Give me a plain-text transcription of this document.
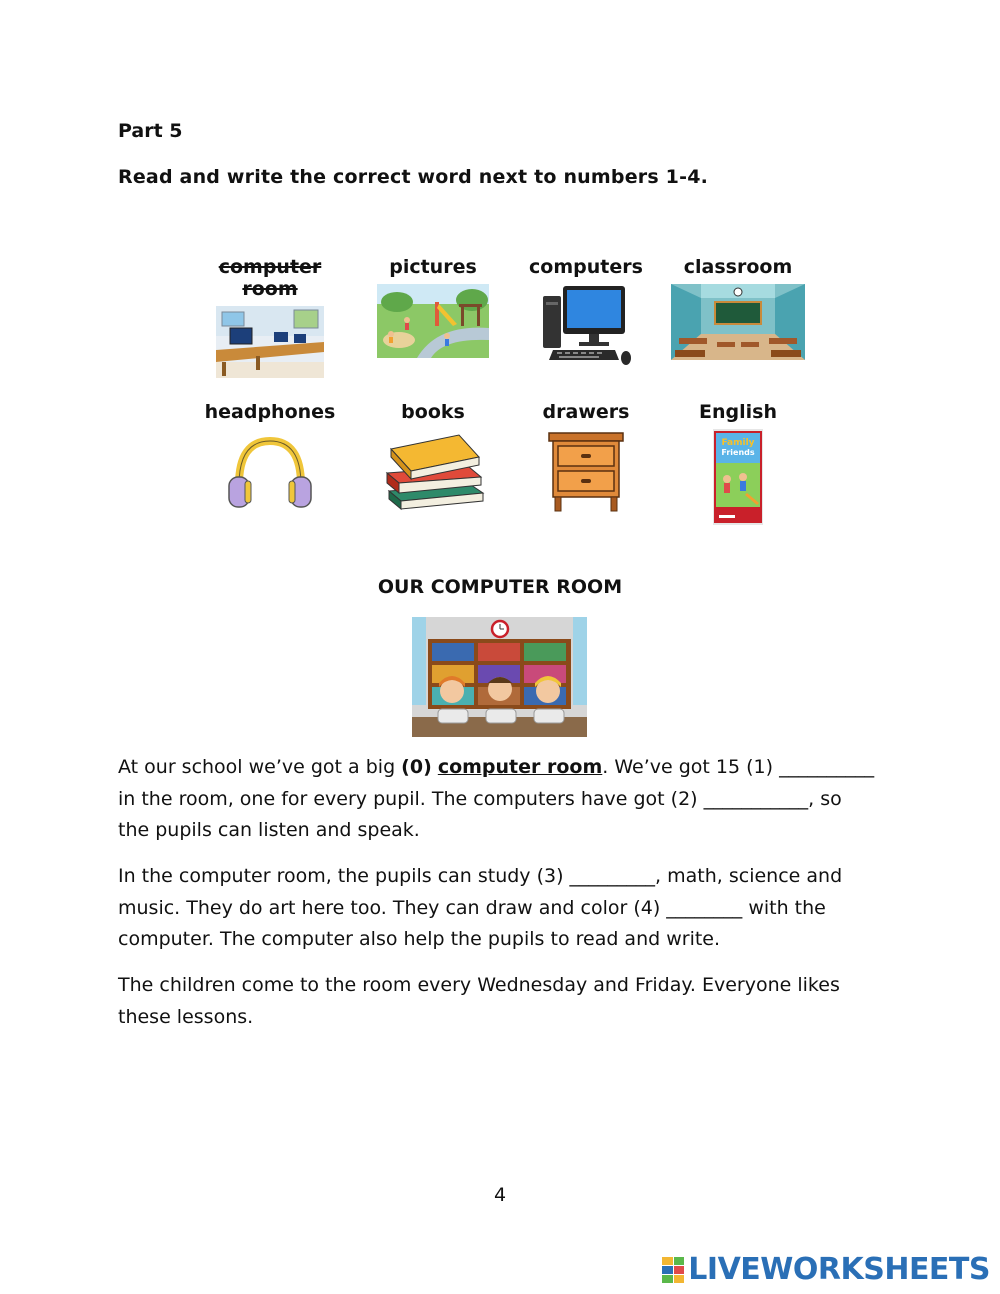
Part 5
Read and write the correct word next to numbers 1-4.
computer room
pictures	computers	classroom
headphones	books	drawers	English
Family
Friends
OUR COMPUTER ROOM

At our school we’ve got a big (0) computer room. We’ve got 15 (1) __________ in the room, one for every pupil. The computers have got (2) ___________, so the pupils can listen and speak.

In the computer room, the pupils can study (3) _________, math, science and music. They do art here too. They can draw and color (4) ________ with the computer. The computer also help the pupils to read and write.

The children come to the room every Wednesday and Friday. Everyone likes these lessons.

4
LIVEWORKSHEETS
